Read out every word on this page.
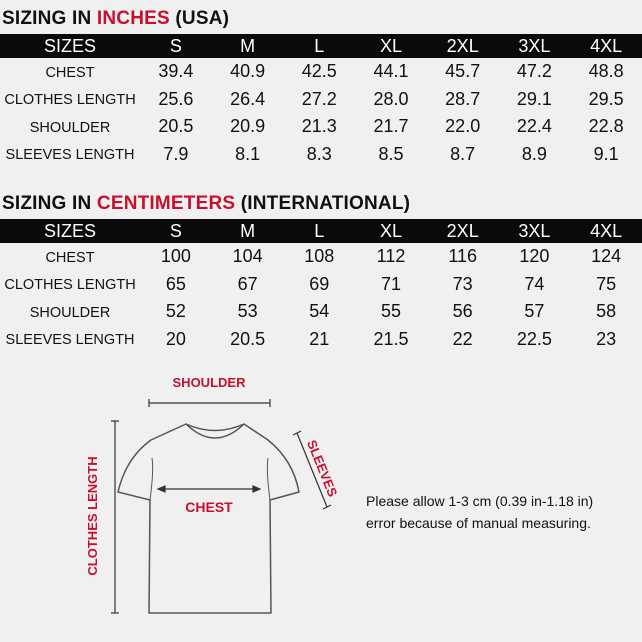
SIZING IN INCHES (USA)
SIZES	S	M	L	XL	2XL	3XL	4XL
CHEST	39.4	40.9	42.5	44.1	45.7	47.2	48.8
CLOTHES LENGTH	25.6	26.4	27.2	28.0	28.7	29.1	29.5
SHOULDER	20.5	20.9	21.3	21.7	22.0	22.4	22.8
SLEEVES LENGTH	7.9	8.1	8.3	8.5	8.7	8.9	9.1
SIZING IN CENTIMETERS (INTERNATIONAL)
SIZES	S	M	L	XL	2XL	3XL	4XL
CHEST	100	104	108	112	116	120	124
CLOTHES LENGTH	65	67	69	71	73	74	75
SHOULDER	52	53	54	55	56	57	58
SLEEVES LENGTH	20	20.5	21	21.5	22	22.5	23
SHOULDER
CHEST
SLEEVES
CLOTHES LENGTH	Please allow 1-3 cm (0.39 in-1.18 in)
error because of manual measuring.
